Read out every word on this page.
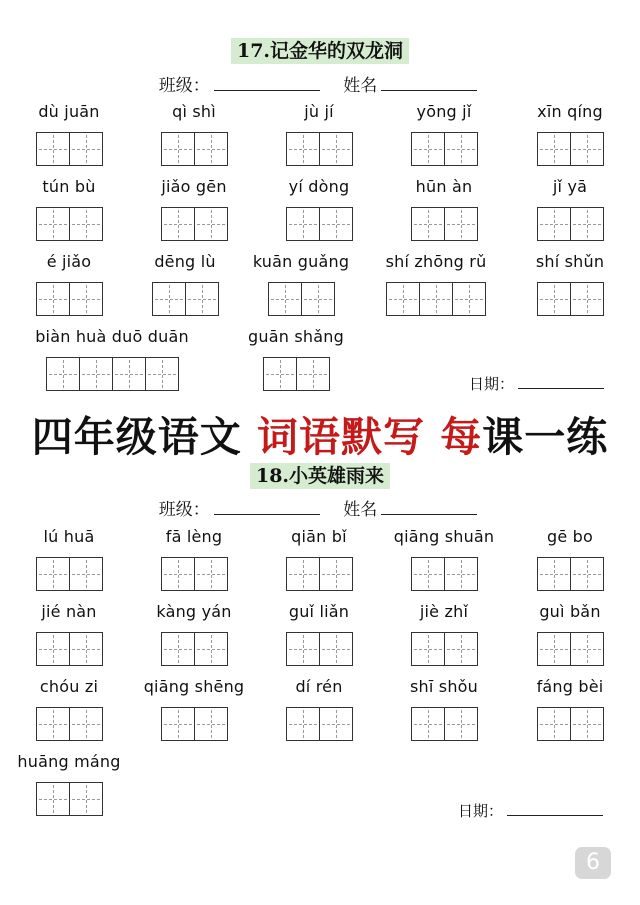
17.记金华的双龙洞
班级：	姓名
dù juān	qì shì	jù jí	yōng jǐ	xīn qíng
tún bù	jiǎo gēn	yí dòng	hūn àn	jǐ yā
é jiǎo	dēng lù	kuān guǎng	shí zhōng rǔ	shí shǔn
biàn huà duō duān	guān shǎng
日期：
四年级语文 词语默写 每课一练
18.小英雄雨来
班级：	姓名
lú huā	fā lèng	qiān bǐ	qiāng shuān	gē bo
jié nàn	kàng yán	guǐ liǎn	jiè zhǐ	guì bǎn
chóu zi	qiāng shēng	dí rén	shī shǒu	fáng bèi
huāng máng
日期：
6
